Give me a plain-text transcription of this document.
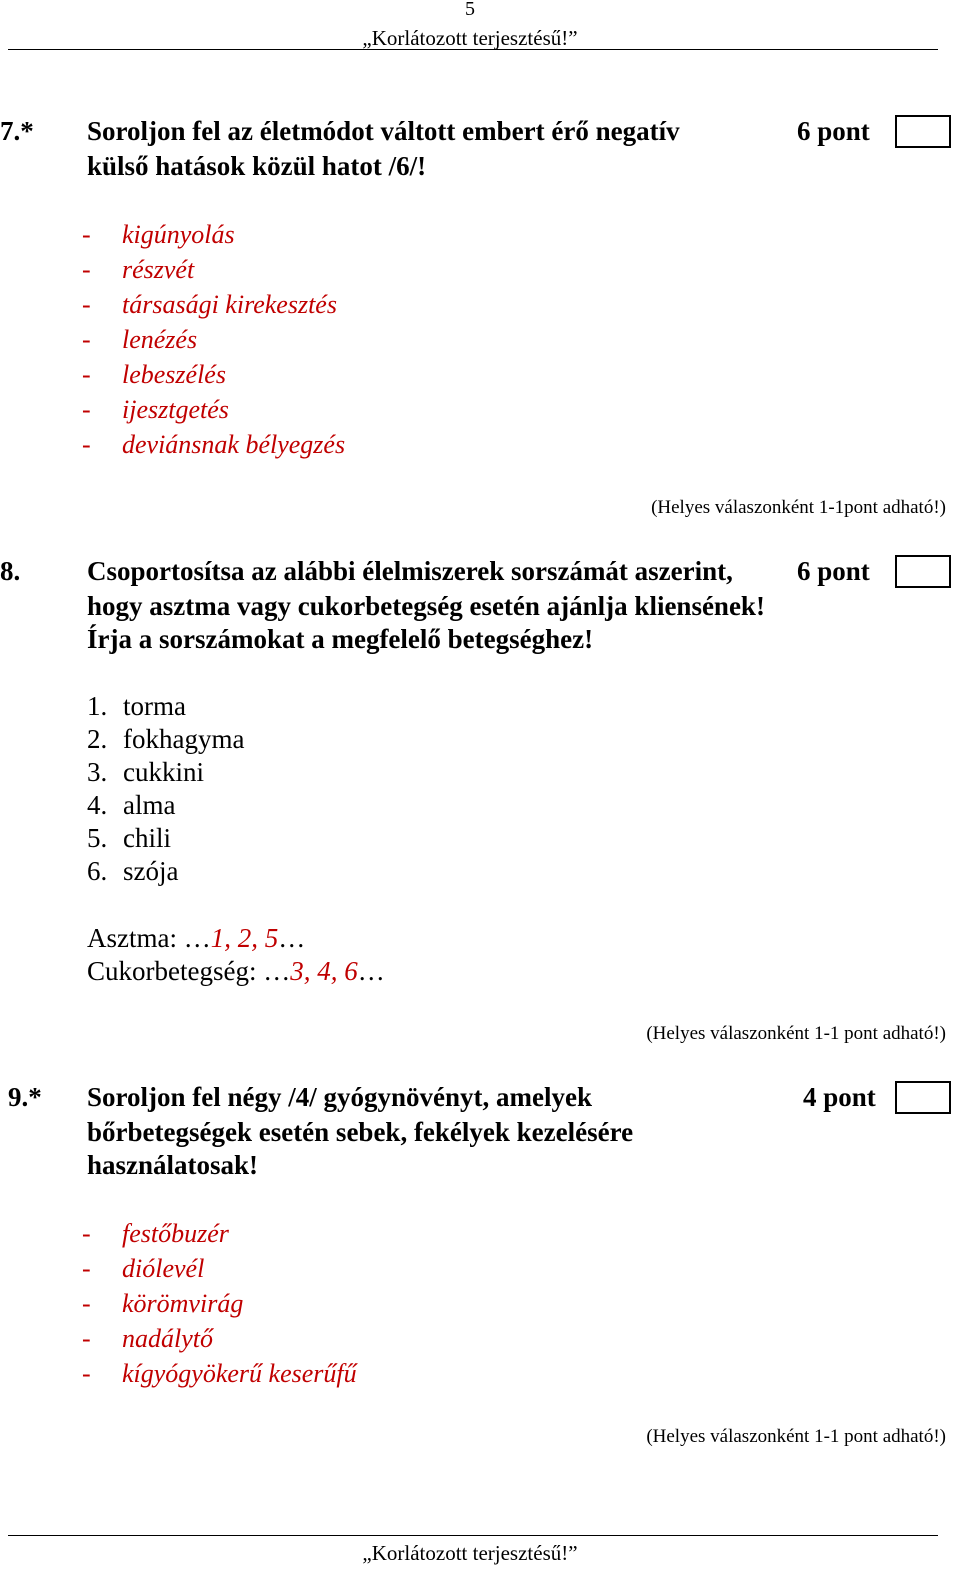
5
„Korlátozott terjesztésű!”
7.* Soroljon fel az életmódot váltott embert érő negatív
külső hatások közül hatot /6/!
6 pont
- kigúnyolás
- részvét
- társasági kirekesztés
- lenézés
- lebeszélés
- ijesztgetés
- deviánsnak bélyegzés
(Helyes válaszonként 1-1pont adható!)
8. Csoportosítsa az alábbi élelmiszerek sorszámát aszerint,
hogy asztma vagy cukorbetegség esetén ajánlja kliensének!
Írja a sorszámokat a megfelelő betegséghez!
6 pont
1. torma
2. fokhagyma
3. cukkini
4. alma
5. chili
6. szója
Asztma: …1, 2, 5…
Cukorbetegség: …3, 4, 6…
(Helyes válaszonként 1-1 pont adható!)
9.* Soroljon fel négy /4/ gyógynövényt, amelyek
bőrbetegségek esetén sebek, fekélyek kezelésére
használatosak!
4 pont
- festőbuzér
- diólevél
- körömvirág
- nadálytő
- kígyógyökerű keserűfű
(Helyes válaszonként 1-1 pont adható!)
„Korlátozott terjesztésű!”
